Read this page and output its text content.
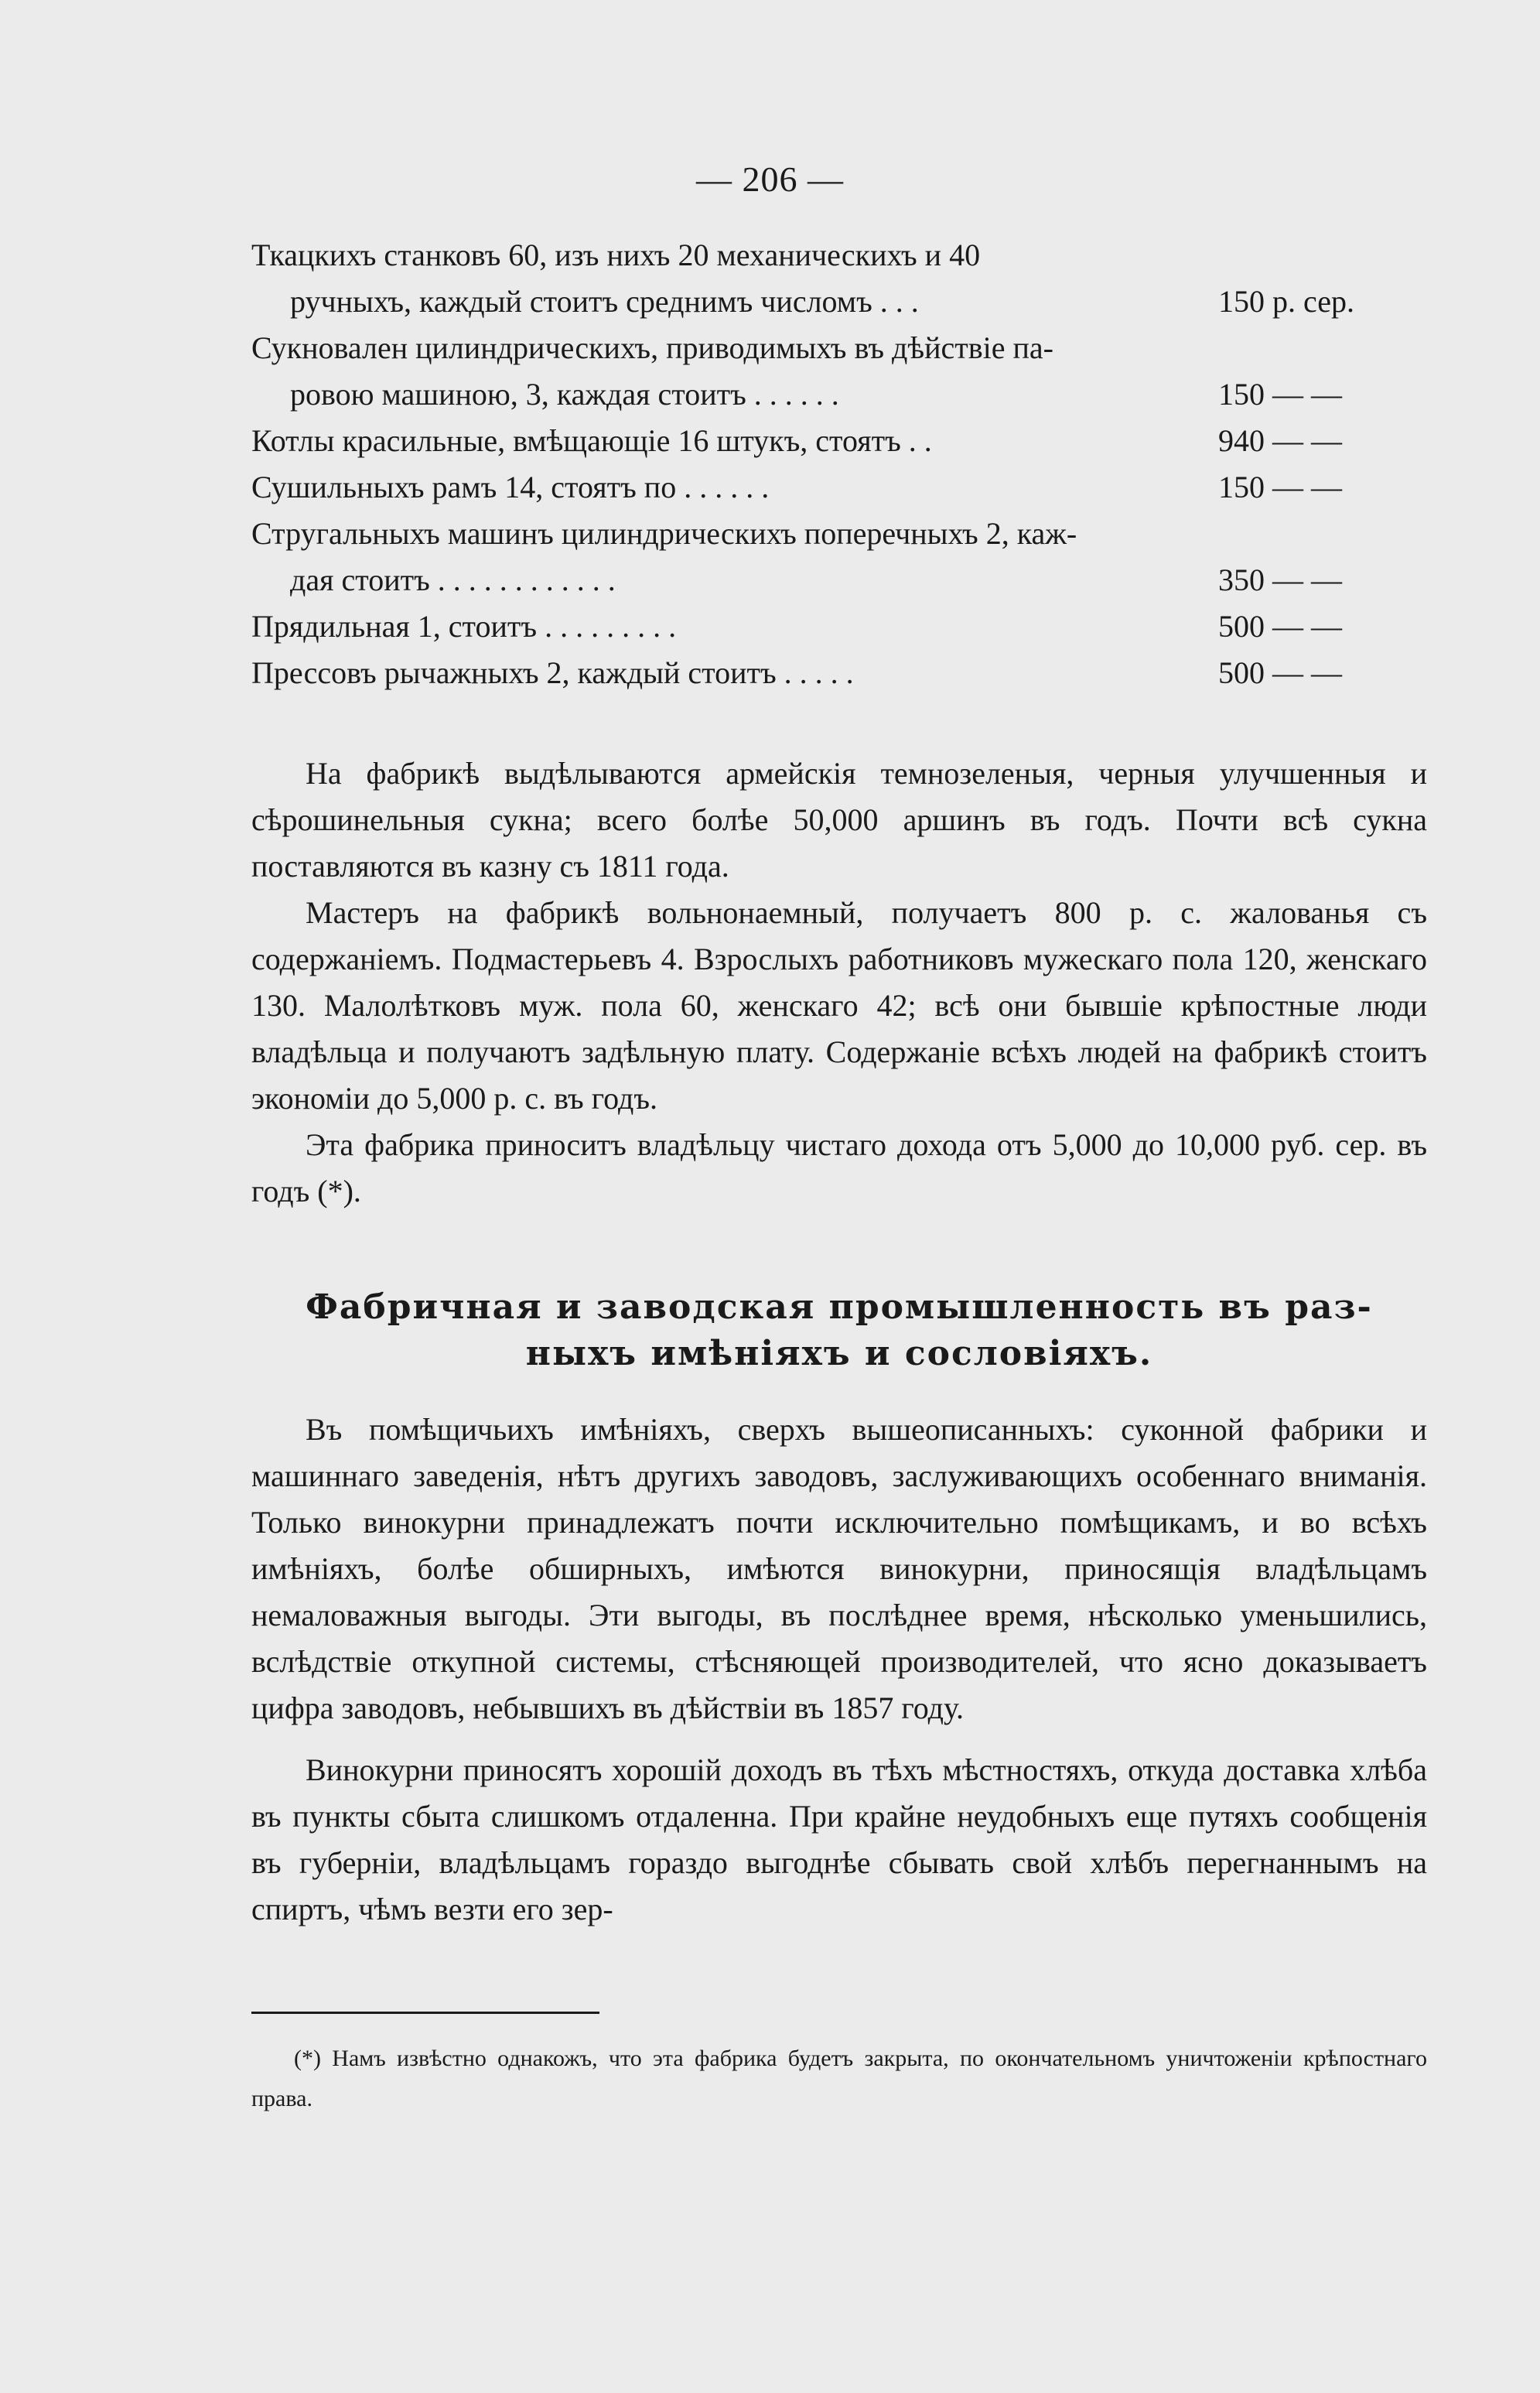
— 206 —
Ткацкихъ станковъ 60, изъ нихъ 20 механическихъ и 40
ручныхъ, каждый стоитъ среднимъ числомъ . . .	150 р. сер.
Сукновален цилиндрическихъ, приводимыхъ въ дѣйствіе па-
ровою машиною, 3, каждая стоитъ . . . . . .	150 — —
Котлы красильные, вмѣщающіе 16 штукъ, стоятъ . .	940 — —
Сушильныхъ рамъ 14, стоятъ по . . . . . .	150 — —
Стругальныхъ машинъ цилиндрическихъ поперечныхъ 2, каж-
дая стоитъ . . . . . . . . . . . .	350 — —
Прядильная 1, стоитъ . . . . . . . . .	500 — —
Прессовъ рычажныхъ 2, каждый стоитъ . . . . .	500 — —

На фабрикѣ выдѣлываются армейскія темнозеленыя, черныя улучшенныя и сѣрошинельныя сукна; всего болѣе 50,000 аршинъ въ годъ. Почти всѣ сукна поставляются въ казну съ 1811 года.

Мастеръ на фабрикѣ вольнонаемный, получаетъ 800 р. с. жалованья съ содержаніемъ. Подмастерьевъ 4. Взрослыхъ работниковъ мужескаго пола 120, женскаго 130. Малолѣтковъ муж. пола 60, женскаго 42; всѣ они бывшіе крѣпостные люди владѣльца и получаютъ задѣльную плату. Содержаніе всѣхъ людей на фабрикѣ стоитъ экономіи до 5,000 р. с. въ годъ.

Эта фабрика приноситъ владѣльцу чистаго дохода отъ 5,000 до 10,000 руб. сер. въ годъ (*).

Фабричная и заводская промышленность въ раз-
ныхъ имѣніяхъ и сословіяхъ.

Въ помѣщичьихъ имѣніяхъ, сверхъ вышеописанныхъ: суконной фабрики и машиннаго заведенія, нѣтъ другихъ заводовъ, заслуживающихъ особеннаго вниманія. Только винокурни принадлежатъ почти исключительно помѣщикамъ, и во всѣхъ имѣніяхъ, болѣе обширныхъ, имѣются винокурни, приносящія владѣльцамъ немаловажныя выгоды. Эти выгоды, въ послѣднее время, нѣсколько уменьшились, вслѣдствіе откупной системы, стѣсняющей производителей, что ясно доказываетъ цифра заводовъ, небывшихъ въ дѣйствіи въ 1857 году.

Винокурни приносятъ хорошій доходъ въ тѣхъ мѣстностяхъ, откуда доставка хлѣба въ пункты сбыта слишкомъ отдаленна. При крайне неудобныхъ еще путяхъ сообщенія въ губерніи, владѣльцамъ гораздо выгоднѣе сбывать свой хлѣбъ перегнаннымъ на спиртъ, чѣмъ везти его зер-

(*) Намъ извѣстно однакожъ, что эта фабрика будетъ закрыта, по окончательномъ уничтоженіи крѣпостнаго права.
